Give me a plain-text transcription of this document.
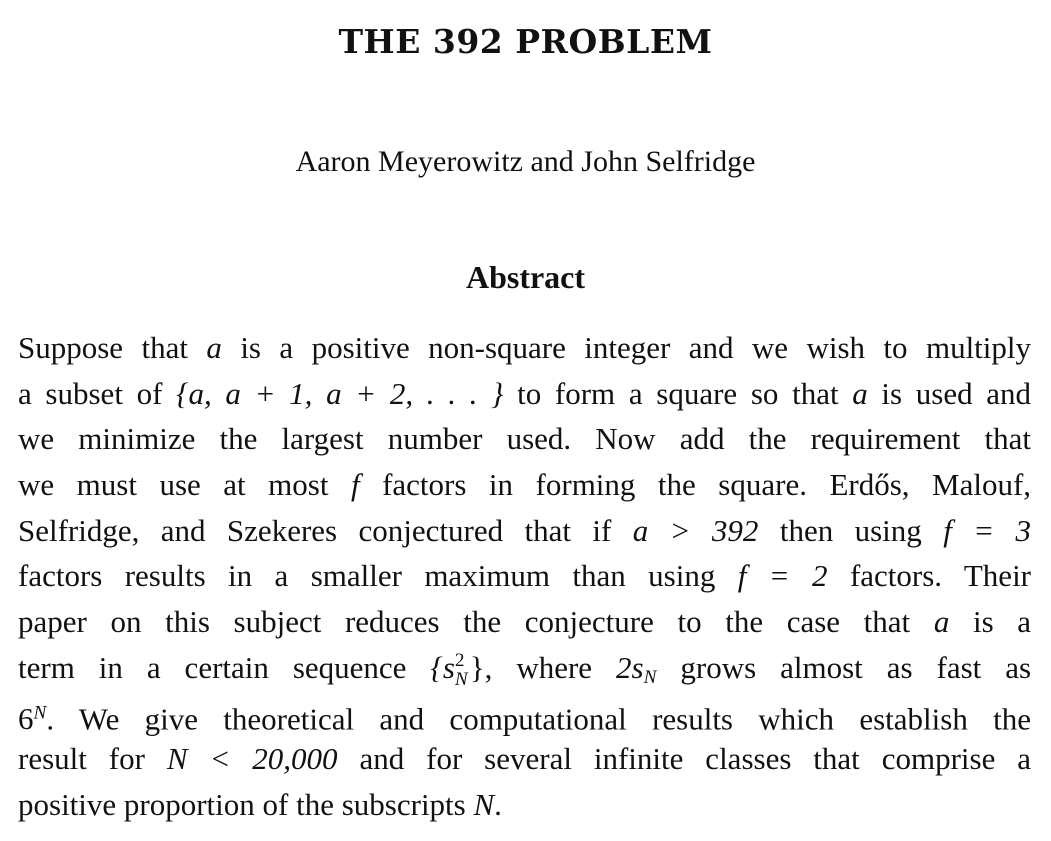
THE 392 PROBLEM
Aaron Meyerowitz and John Selfridge
Abstract
Suppose that a is a positive non-square integer and we wish to multiply
a subset of {a, a + 1, a + 2, . . . } to form a square so that a is used and
we minimize the largest number used. Now add the requirement that
we must use at most f factors in forming the square. Erdős, Malouf,
Selfridge, and Szekeres conjectured that if a > 392 then using f = 3
factors results in a smaller maximum than using f = 2 factors. Their
paper on this subject reduces the conjecture to the case that a is a
term in a certain sequence {s 2
N }, where $2s_N$ grows almost as fast as
$6^N$. We give theoretical and computational results which establish the
result for N < 20,000 and for several infinite classes that comprise a
positive proportion of the subscripts N.
